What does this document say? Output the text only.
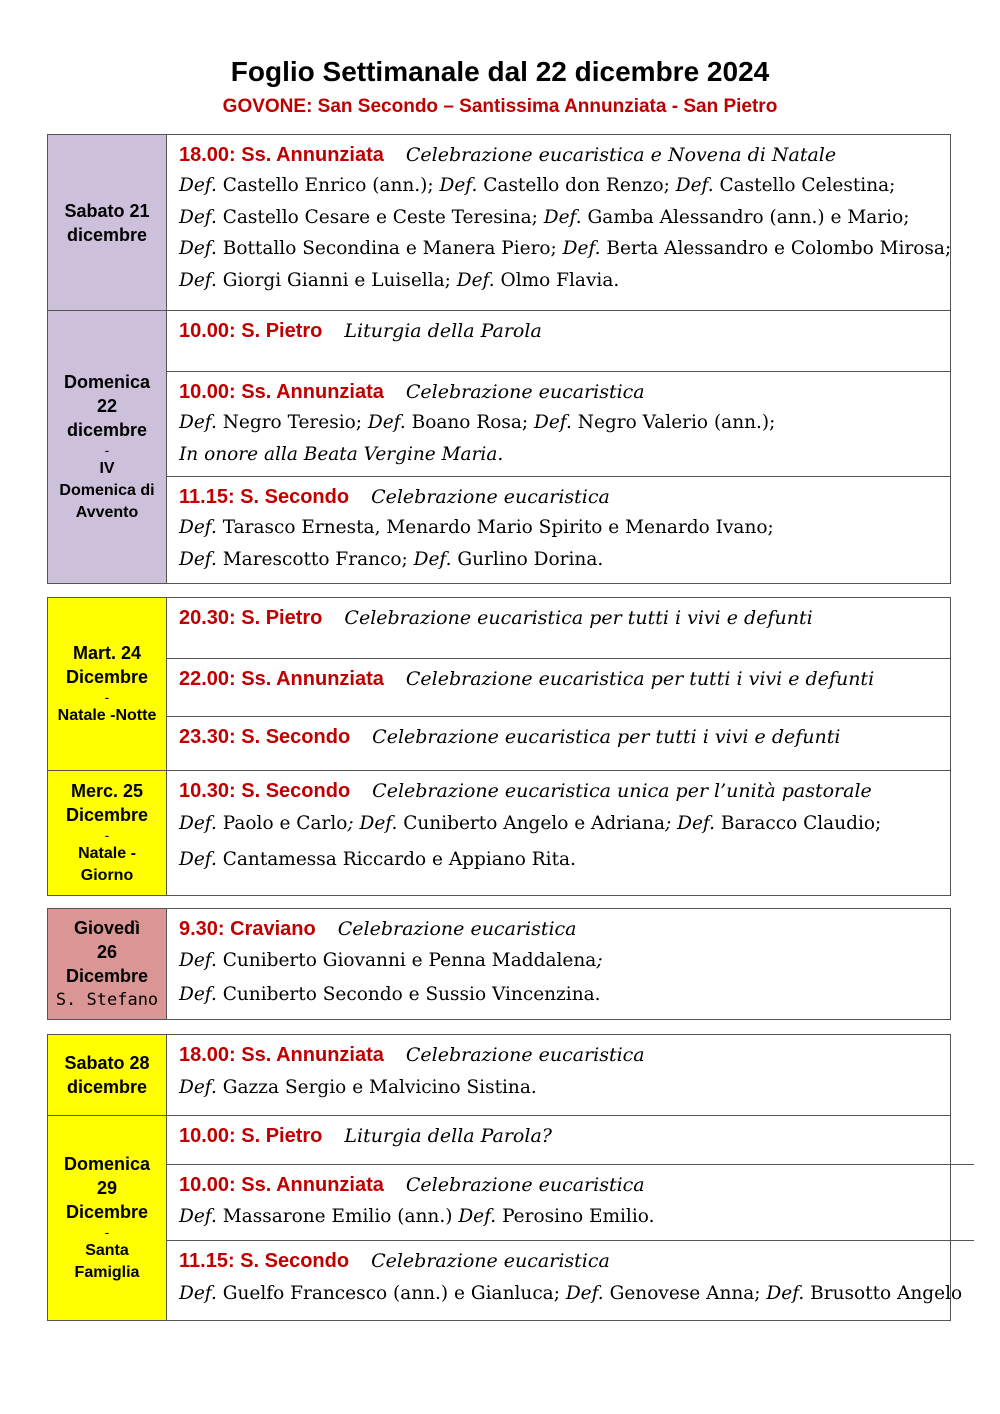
Foglio Settimanale dal 22 dicembre 2024
GOVONE: San Secondo – Santissima Annunziata - San Pietro
Sabato 21
dicembre
18.00: Ss. Annunziata Celebrazione eucaristica e Novena di Natale
Def. Castello Enrico (ann.); Def. Castello don Renzo; Def. Castello Celestina;
Def. Castello Cesare e Ceste Teresina; Def. Gamba Alessandro (ann.) e Mario;
Def. Bottallo Secondina e Manera Piero; Def. Berta Alessandro e Colombo Mirosa;
Def. Giorgi Gianni e Luisella; Def. Olmo Flavia.
Domenica
22
dicembre
-
IV
Domenica di
Avvento
10.00: S. Pietro Liturgia della Parola
10.00: Ss. Annunziata Celebrazione eucaristica
Def. Negro Teresio; Def. Boano Rosa; Def. Negro Valerio (ann.);
In onore alla Beata Vergine Maria.
11.15: S. Secondo Celebrazione eucaristica
Def. Tarasco Ernesta, Menardo Mario Spirito e Menardo Ivano;
Def. Marescotto Franco; Def. Gurlino Dorina.
Mart. 24
Dicembre
-
Natale -Notte
20.30: S. Pietro Celebrazione eucaristica per tutti i vivi e defunti
22.00: Ss. Annunziata Celebrazione eucaristica per tutti i vivi e defunti
23.30: S. Secondo Celebrazione eucaristica per tutti i vivi e defunti
Merc. 25
Dicembre
-
Natale -
Giorno
10.30: S. Secondo Celebrazione eucaristica unica per l’unità pastorale
Def. Paolo e Carlo; Def. Cuniberto Angelo e Adriana; Def. Baracco Claudio;
Def. Cantamessa Riccardo e Appiano Rita.
Giovedì
26
Dicembre
S. Stefano
9.30: Craviano Celebrazione eucaristica
Def. Cuniberto Giovanni e Penna Maddalena;
Def. Cuniberto Secondo e Sussio Vincenzina.
Sabato 28
dicembre
18.00: Ss. Annunziata Celebrazione eucaristica
Def. Gazza Sergio e Malvicino Sistina.
Domenica
29
Dicembre
-
Santa
Famiglia
10.00: S. Pietro Liturgia della Parola?
10.00: Ss. Annunziata Celebrazione eucaristica
Def. Massarone Emilio (ann.) Def. Perosino Emilio.
11.15: S. Secondo Celebrazione eucaristica
Def. Guelfo Francesco (ann.) e Gianluca; Def. Genovese Anna; Def. Brusotto Angelo
